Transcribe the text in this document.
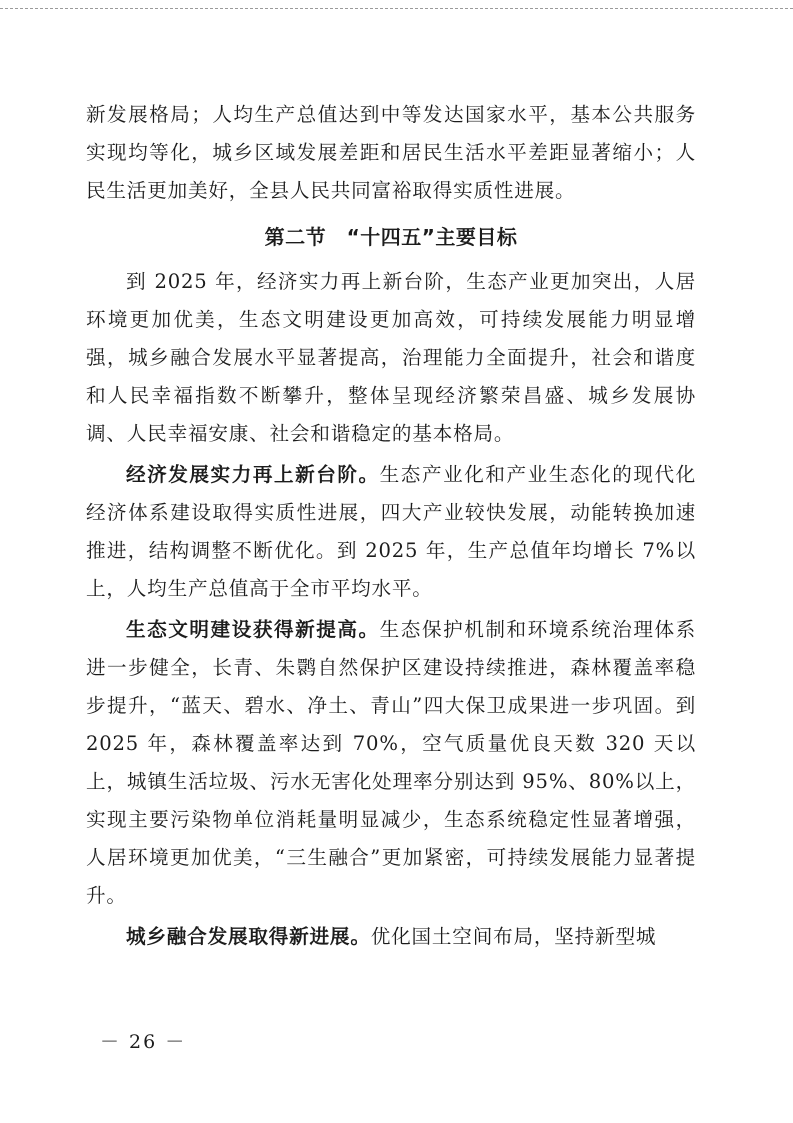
新发展格局；人均生产总值达到中等发达国家水平，基本公共服务实现均等化，城乡区域发展差距和居民生活水平差距显著缩小；人民生活更加美好，全县人民共同富裕取得实质性进展。

第二节　“十四五”主要目标

到 2025 年，经济实力再上新台阶，生态产业更加突出，人居环境更加优美，生态文明建设更加高效，可持续发展能力明显增强，城乡融合发展水平显著提高，治理能力全面提升，社会和谐度和人民幸福指数不断攀升，整体呈现经济繁荣昌盛、城乡发展协调、人民幸福安康、社会和谐稳定的基本格局。

经济发展实力再上新台阶。生态产业化和产业生态化的现代化经济体系建设取得实质性进展，四大产业较快发展，动能转换加速推进，结构调整不断优化。到 2025 年，生产总值年均增长 7%以上，人均生产总值高于全市平均水平。

生态文明建设获得新提高。生态保护机制和环境系统治理体系进一步健全，长青、朱鹮自然保护区建设持续推进，森林覆盖率稳步提升，“蓝天、碧水、净土、青山”四大保卫成果进一步巩固。到 2025 年，森林覆盖率达到 70%，空气质量优良天数 320 天以上，城镇生活垃圾、污水无害化处理率分别达到 95%、80%以上，实现主要污染物单位消耗量明显减少，生态系统稳定性显著增强，人居环境更加优美，“三生融合”更加紧密，可持续发展能力显著提升。

城乡融合发展取得新进展。优化国土空间布局，坚持新型城

－ 26 －
